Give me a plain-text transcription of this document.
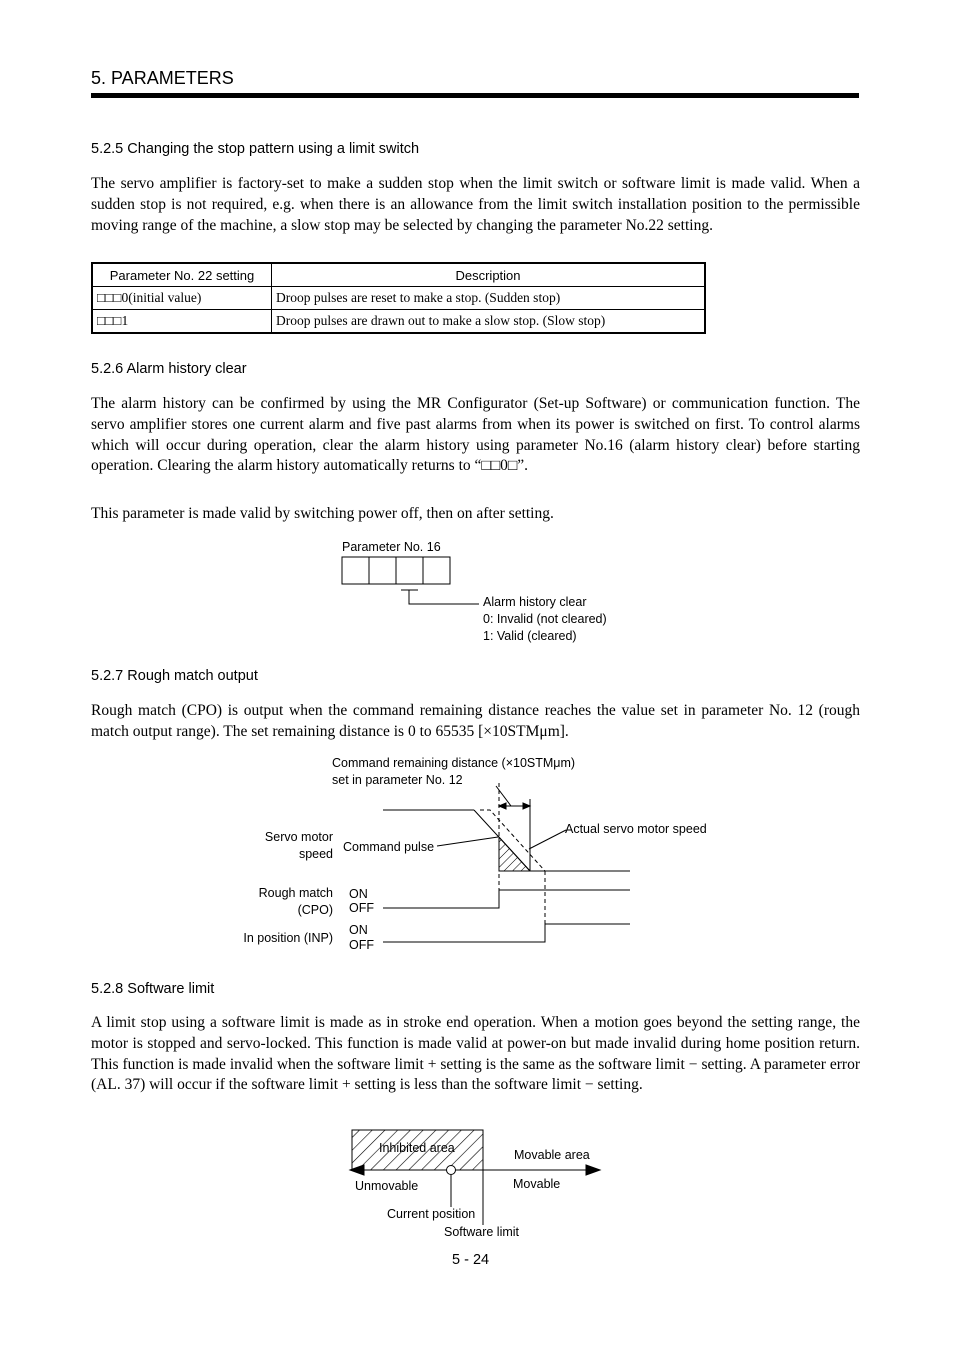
5. PARAMETERS
5.2.5 Changing the stop pattern using a limit switch

The servo amplifier is factory-set to make a sudden stop when the limit switch or software limit is made valid. When a sudden stop is not required, e.g. when there is an allowance from the limit switch installation position to the permissible moving range of the machine, a slow stop may be selected by changing the parameter No.22 setting.

Parameter No. 22 setting	Description
□□□0(initial value)	Droop pulses are reset to make a stop. (Sudden stop)
□□□1	Droop pulses are drawn out to make a slow stop. (Slow stop)
5.2.6 Alarm history clear

The alarm history can be confirmed by using the MR Configurator (Set-up Software) or communication function. The servo amplifier stores one current alarm and five past alarms from when its power is switched on first. To control alarms which will occur during operation, clear the alarm history using parameter No.16 (alarm history clear) before starting operation. Clearing the alarm history automatically returns to “□□0□”.

This parameter is made valid by switching power off, then on after setting.

Parameter No. 16
Alarm history clear
0: Invalid (not cleared)
1: Valid (cleared)
5.2.7 Rough match output

Rough match (CPO) is output when the command remaining distance reaches the value set in parameter No. 12 (rough match output range). The set remaining distance is 0 to 65535 [×10STMμm].

Command remaining distance (×10STMμm)
set in parameter No. 12
Actual servo motor speed
Command pulse
Servo motor
speed
Rough match
(CPO)
In position (INP)
ON
OFF
ON
OFF
5.2.8 Software limit

A limit stop using a software limit is made as in stroke end operation. When a motion goes beyond the setting range, the motor is stopped and servo-locked. This function is made valid at power-on but made invalid during home position return. This function is made invalid when the software limit + setting is the same as the software limit − setting. A parameter error (AL. 37) will occur if the software limit + setting is less than the software limit − setting.

Movable area
Unmovable	Movable
Current position
Software limit
5 - 24
